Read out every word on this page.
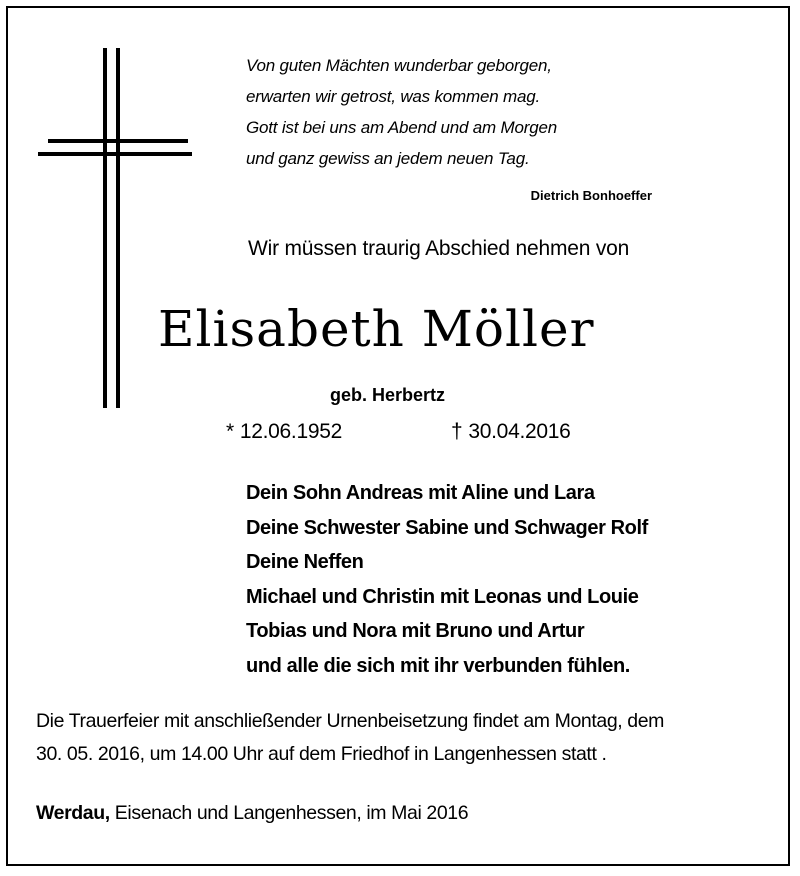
Von guten Mächten wunderbar geborgen,
erwarten wir getrost, was kommen mag.
Gott ist bei uns am Abend und am Morgen
und ganz gewiss an jedem neuen Tag.
Dietrich Bonhoeffer
Wir müssen traurig Abschied nehmen von
Elisabeth Möller
geb. Herbertz
* 12.06.1952	† 30.04.2016
Dein Sohn Andreas mit Aline und Lara
Deine Schwester Sabine und Schwager Rolf
Deine Neffen
Michael und Christin mit Leonas und Louie
Tobias und Nora mit Bruno und Artur
und alle die sich mit ihr verbunden fühlen.
Die Trauerfeier mit anschließender Urnenbeisetzung findet am Montag, dem
30. 05. 2016, um 14.00 Uhr auf dem Friedhof in Langenhessen statt .
Werdau, Eisenach und Langenhessen, im Mai 2016
